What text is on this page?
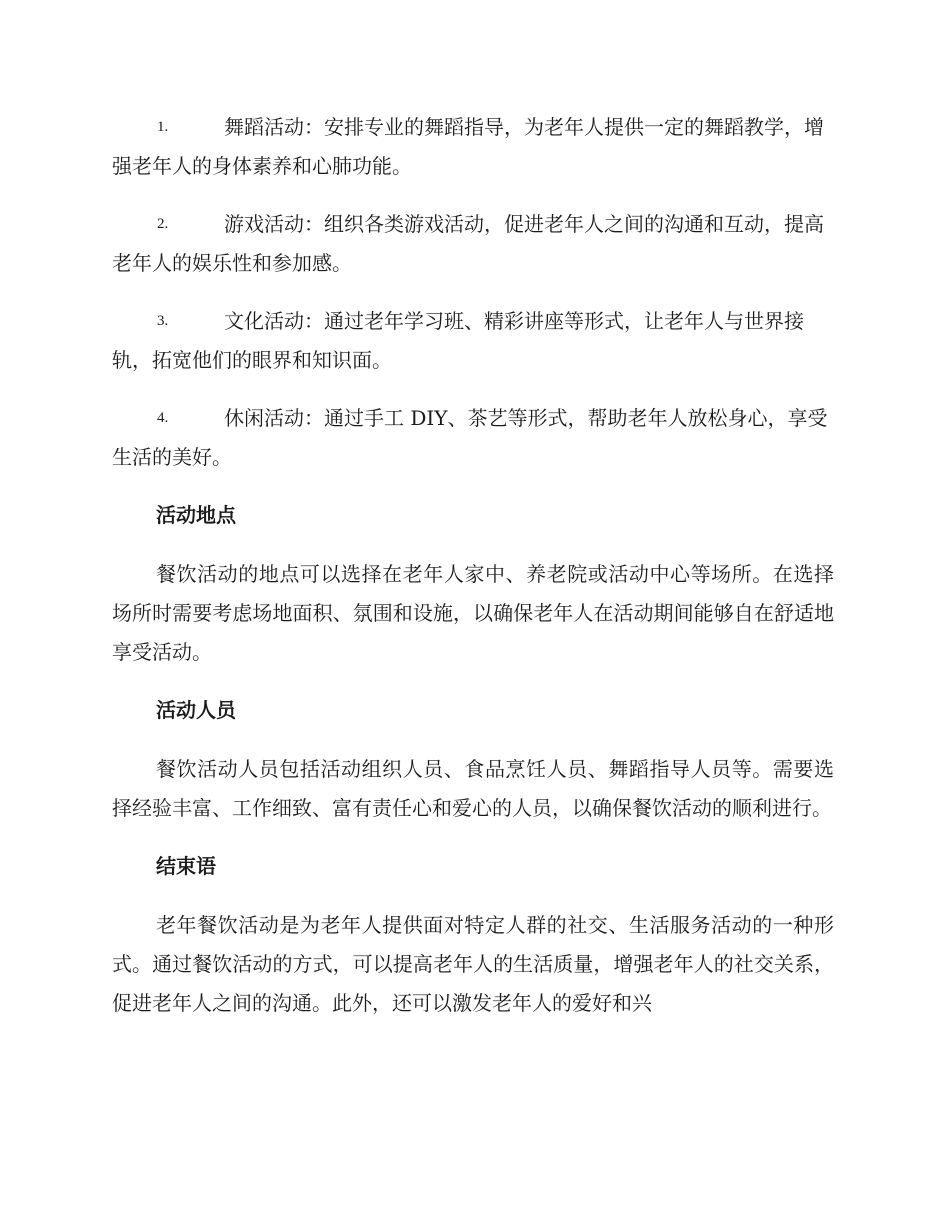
1.	舞蹈活动：安排专业的舞蹈指导，为老年人提供一定的舞蹈教学，增强老年人的身体素养和心肺功能。
2.	游戏活动：组织各类游戏活动，促进老年人之间的沟通和互动，提高老年人的娱乐性和参加感。
3.	文化活动：通过老年学习班、精彩讲座等形式，让老年人与世界接轨，拓宽他们的眼界和知识面。
4.	休闲活动：通过手工 DIY、茶艺等形式，帮助老年人放松身心，享受生活的美好。
活动地点

餐饮活动的地点可以选择在老年人家中、养老院或活动中心等场所。在选择场所时需要考虑场地面积、氛围和设施，以确保老年人在活动期间能够自在舒适地享受活动。

活动人员

餐饮活动人员包括活动组织人员、食品烹饪人员、舞蹈指导人员等。需要选择经验丰富、工作细致、富有责任心和爱心的人员，以确保餐饮活动的顺利进行。

结束语

老年餐饮活动是为老年人提供面对特定人群的社交、生活服务活动的一种形式。通过餐饮活动的方式，可以提高老年人的生活质量，增强老年人的社交关系，促进老年人之间的沟通。此外，还可以激发老年人的爱好和兴
